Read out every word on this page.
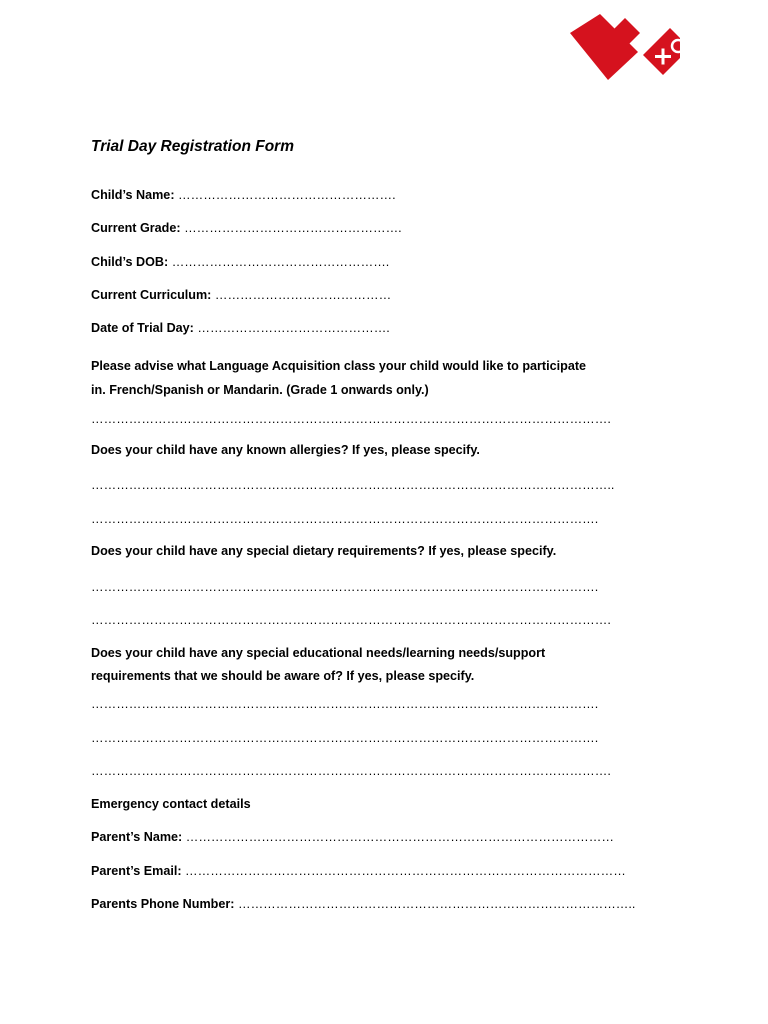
Trial Day Registration Form
Child’s Name: …………………………………………….
Current Grade: …………………………………………….
Child’s DOB: …………………………………………….
Current Curriculum: ……………………………………
Date of Trial Day: ……………………………………….
Please advise what Language Acquisition class your child would like to participate
in. French/Spanish or Mandarin. (Grade 1 onwards only.)
…………………………………………………………………………………………………………….
Does your child have any known allergies? If yes, please specify.
……………………………………………………………………………………………………………..
………………………………………………………………………………………………………….
Does your child have any special dietary requirements? If yes, please specify.
………………………………………………………………………………………………………….
…………………………………………………………………………………………………………….
Does your child have any special educational needs/learning needs/support
requirements that we should be aware of? If yes, please specify.
………………………………………………………………………………………………………….
………………………………………………………………………………………………………….
…………………………………………………………………………………………………………….
Emergency contact details
Parent’s Name: …………………………………………………………………………………………
Parent’s Email: ……………………………………………………………………………………………
Parents Phone Number: …………………………………………………………………………………..
